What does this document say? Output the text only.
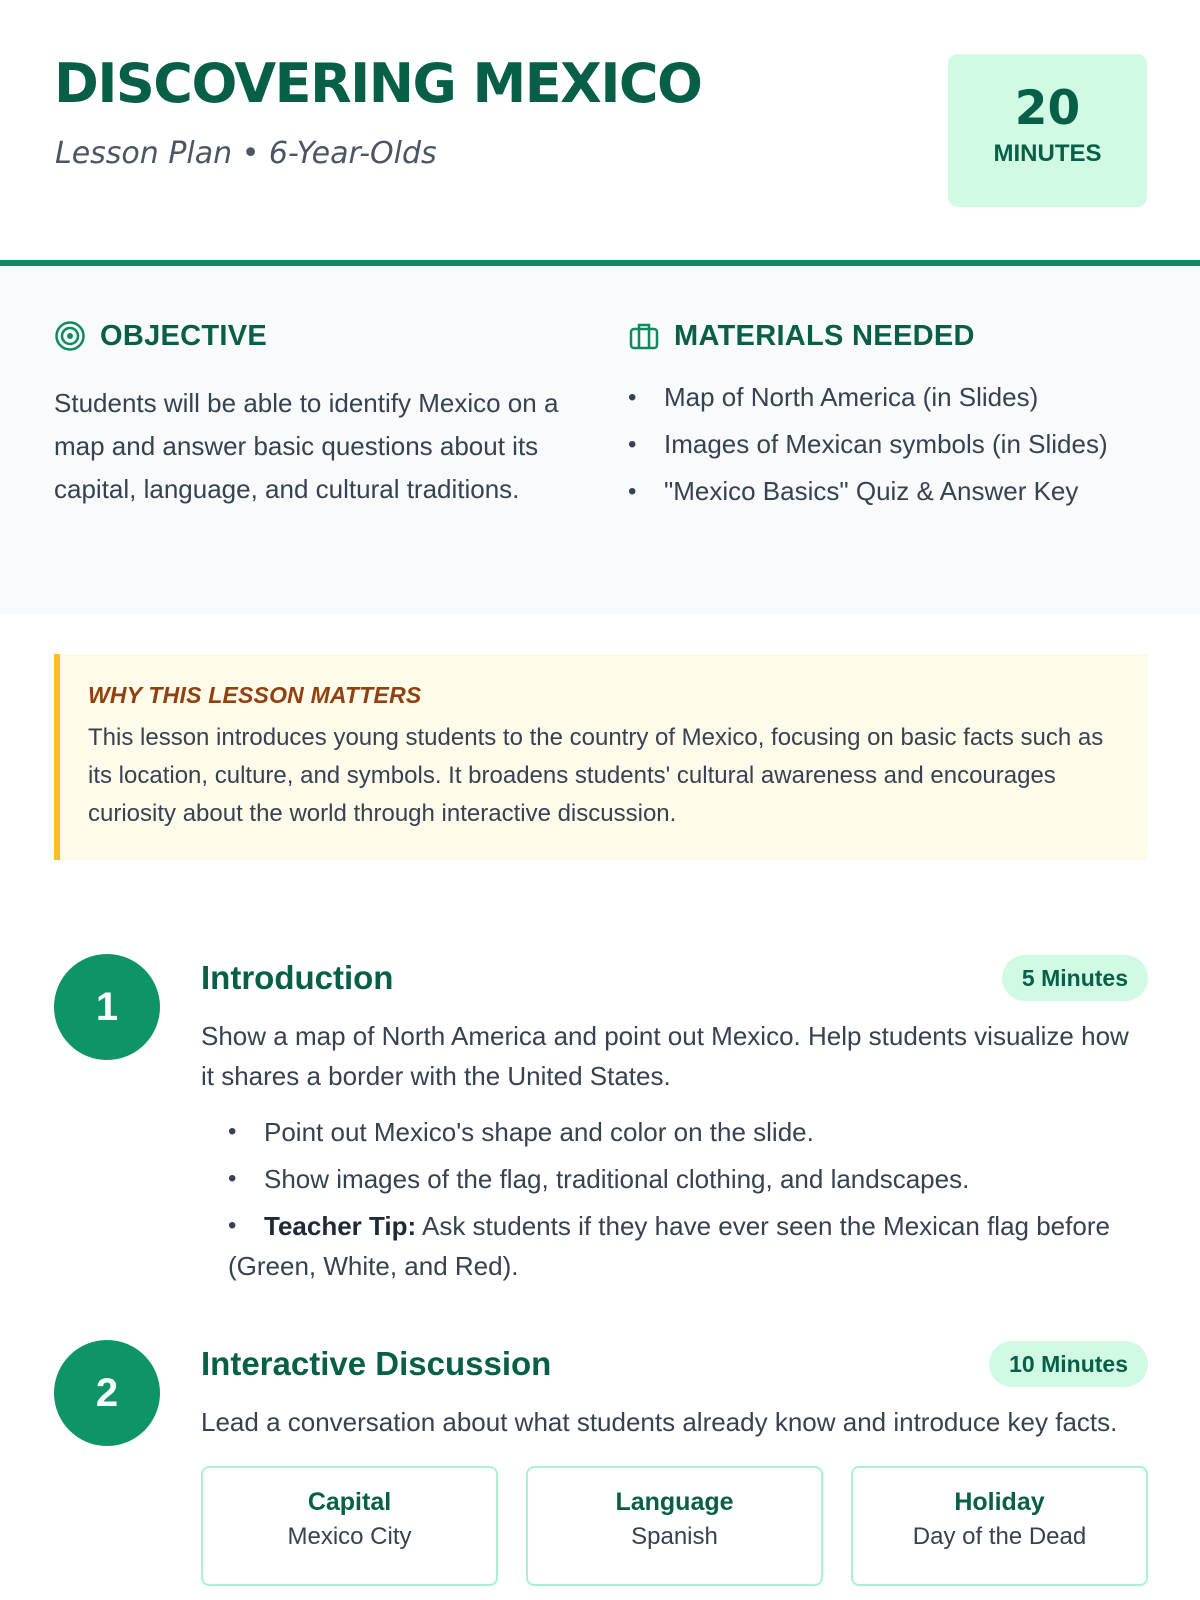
DISCOVERING MEXICO
Lesson Plan • 6-Year-Olds
20
MINUTES
OBJECTIVE

Students will be able to identify Mexico on a map and answer basic questions about its capital, language, and cultural traditions.

MATERIALS NEEDED
• Map of North America (in Slides)
• Images of Mexican symbols (in Slides)
• "Mexico Basics" Quiz & Answer Key
WHY THIS LESSON MATTERS

This lesson introduces young students to the country of Mexico, focusing on basic facts such as its location, culture, and symbols. It broadens students' cultural awareness and encourages curiosity about the world through interactive discussion.

1
Introduction	5 Minutes

Show a map of North America and point out Mexico. Help students visualize how it shares a border with the United States.

• Point out Mexico's shape and color on the slide.
• Show images of the flag, traditional clothing, and landscapes.
• Teacher Tip: Ask students if they have ever seen the Mexican flag before (Green, White, and Red).
2
Interactive Discussion	10 Minutes

Lead a conversation about what students already know and introduce key facts.

Capital
Mexico City
Language
Spanish
Holiday
Day of the Dead
